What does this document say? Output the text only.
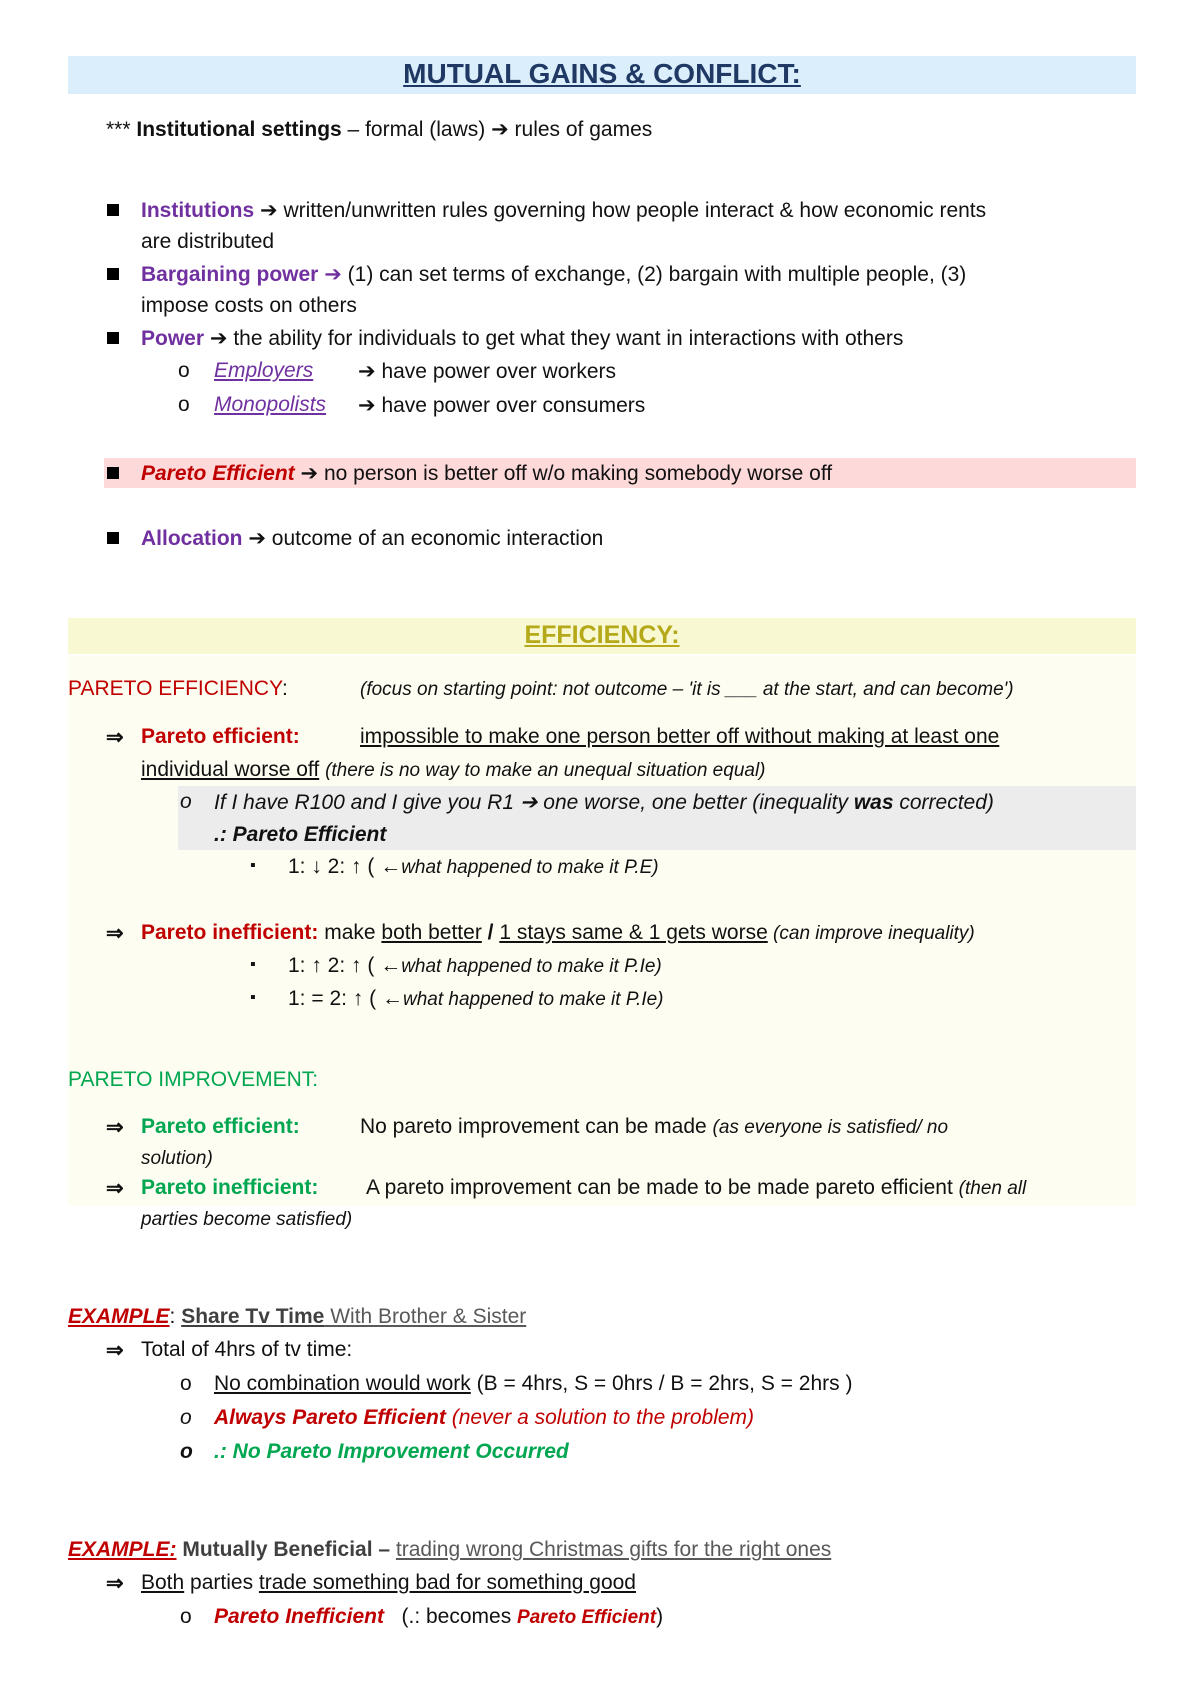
MUTUAL GAINS & CONFLICT:
*** Institutional settings – formal (laws) ➔ rules of games
Institutions ➔ written/unwritten rules governing how people interact & how economic rents
are distributed
Bargaining power ➔ (1) can set terms of exchange, (2) bargain with multiple people, (3)
impose costs on others
Power ➔ the ability for individuals to get what they want in interactions with others
o Employers ➔ have power over workers
o Monopolists ➔ have power over consumers
Pareto Efficient ➔ no person is better off w/o making somebody worse off
Allocation ➔ outcome of an economic interaction
EFFICIENCY:
PARETO EFFICIENCY:	(focus on starting point: not outcome – 'it is ___ at the start, and can become')
⇒ Pareto efficient:	impossible to make one person better off without making at least one
individual worse off (there is no way to make an unequal situation equal)
o If I have R100 and I give you R1 ➔ one worse, one better (inequality was corrected)
.: Pareto Efficient
▪ 1: ↓ 2: ↑ ( ←what happened to make it P.E)
⇒ Pareto inefficient: make both better / 1 stays same & 1 gets worse (can improve inequality)
▪ 1: ↑ 2: ↑ ( ←what happened to make it P.Ie)
▪ 1: = 2: ↑ ( ←what happened to make it P.Ie)
PARETO IMPROVEMENT:
⇒ Pareto efficient:	No pareto improvement can be made (as everyone is satisfied/ no
solution)
⇒ Pareto inefficient: A pareto improvement can be made to be made pareto efficient (then all
parties become satisfied)
EXAMPLE: Share Tv Time With Brother & Sister
⇒ Total of 4hrs of tv time:
o No combination would work (B = 4hrs, S = 0hrs / B = 2hrs, S = 2hrs )
o Always Pareto Efficient (never a solution to the problem)
o .: No Pareto Improvement Occurred
EXAMPLE: Mutually Beneficial – trading wrong Christmas gifts for the right ones
⇒ Both parties trade something bad for something good
o Pareto Inefficient   (.: becomes Pareto Efficient)
